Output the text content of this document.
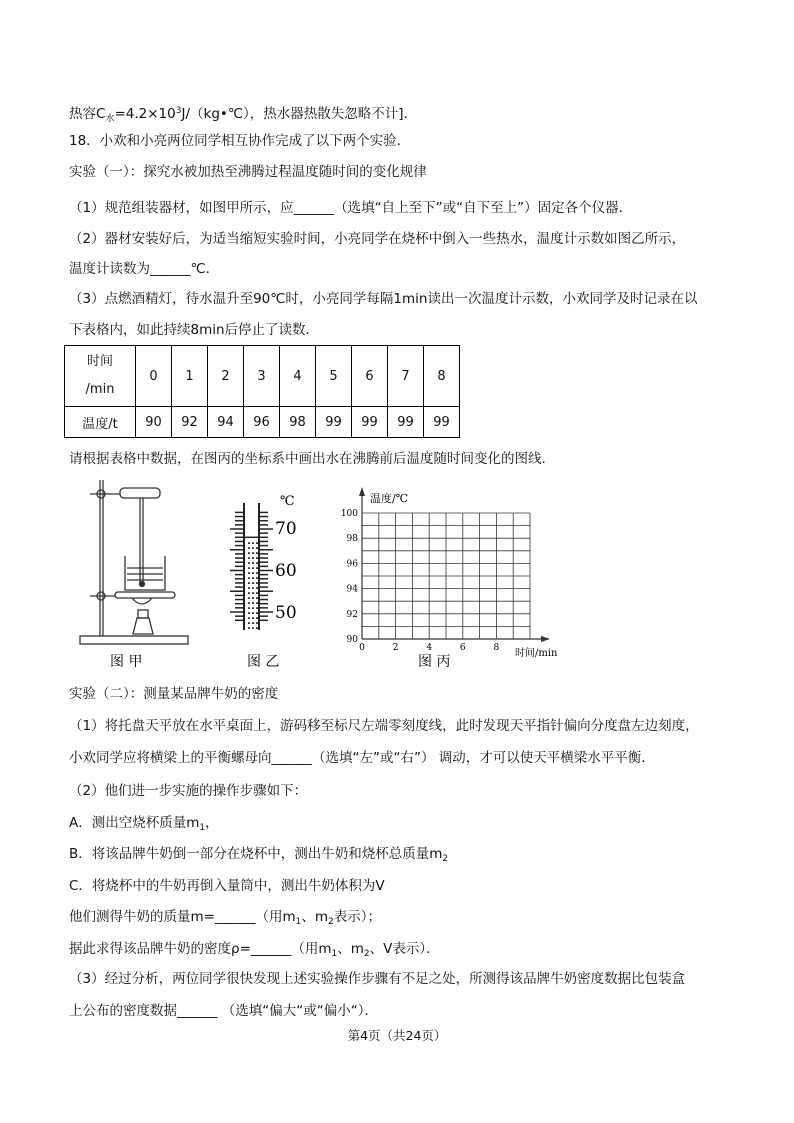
热容$C_水=4.2\times 10^3J/(kg•℃)$，热水器热散失忽略不计].
18．小欢和小亮两位同学相互协作完成了以下两个实验．
实验（一）：探究水被加热至沸腾过程温度随时间的变化规律
（1）规范组装器材，如图甲所示，应______（选填“自上至下”或“自下至上”）固定各个仪器．
（2）器材安装好后，为适当缩短实验时间，小亮同学在烧杯中倒入一些热水，温度计示数如图乙所示，
温度计读数为______℃．
（3）点燃酒精灯，待水温升至90℃时，小亮同学每隔1min读出一次温度计示数，小欢同学及时记录在以
下表格内，如此持续8min后停止了读数．
时间
/min	0	1	2	3	4	5	6	7	8
温度/t	90	92	94	96	98	99	99	99	99
请根据表格中数据，在图丙的坐标系中画出水在沸腾前后温度随时间变化的图线．
图 甲
℃
70
60
50
图 乙
温度/℃
时间/min
100
98
96
94
92
90
0	2	4	6	8
图 丙
实验（二）：测量某品牌牛奶的密度
（1）将托盘天平放在水平桌面上，游码移至标尺左端零刻度线，此时发现天平指针偏向分度盘左边刻度，
小欢同学应将横梁上的平衡螺母向______（选填“左”或“右”） 调动，才可以使天平横梁水平平衡．
（2）他们进一步实施的操作步骤如下：
A．测出空烧杯质量$m_1$，
B．将该品牌牛奶倒一部分在烧杯中，测出牛奶和烧杯总质量$m_2$
C．将烧杯中的牛奶再倒入量筒中，测出牛奶体积为V
他们测得牛奶的质量m=______（用$m_1$、$m_2$表示）；
据此求得该品牌牛奶的密度ρ=______（用$m_1$、$m_2$、V表示）．
（3）经过分析，两位同学很快发现上述实验操作步骤有不足之处，所测得该品牌牛奶密度数据比包装盒
上公布的密度数据______ （选填“偏大“或“偏小“）．
第4页（共24页）
